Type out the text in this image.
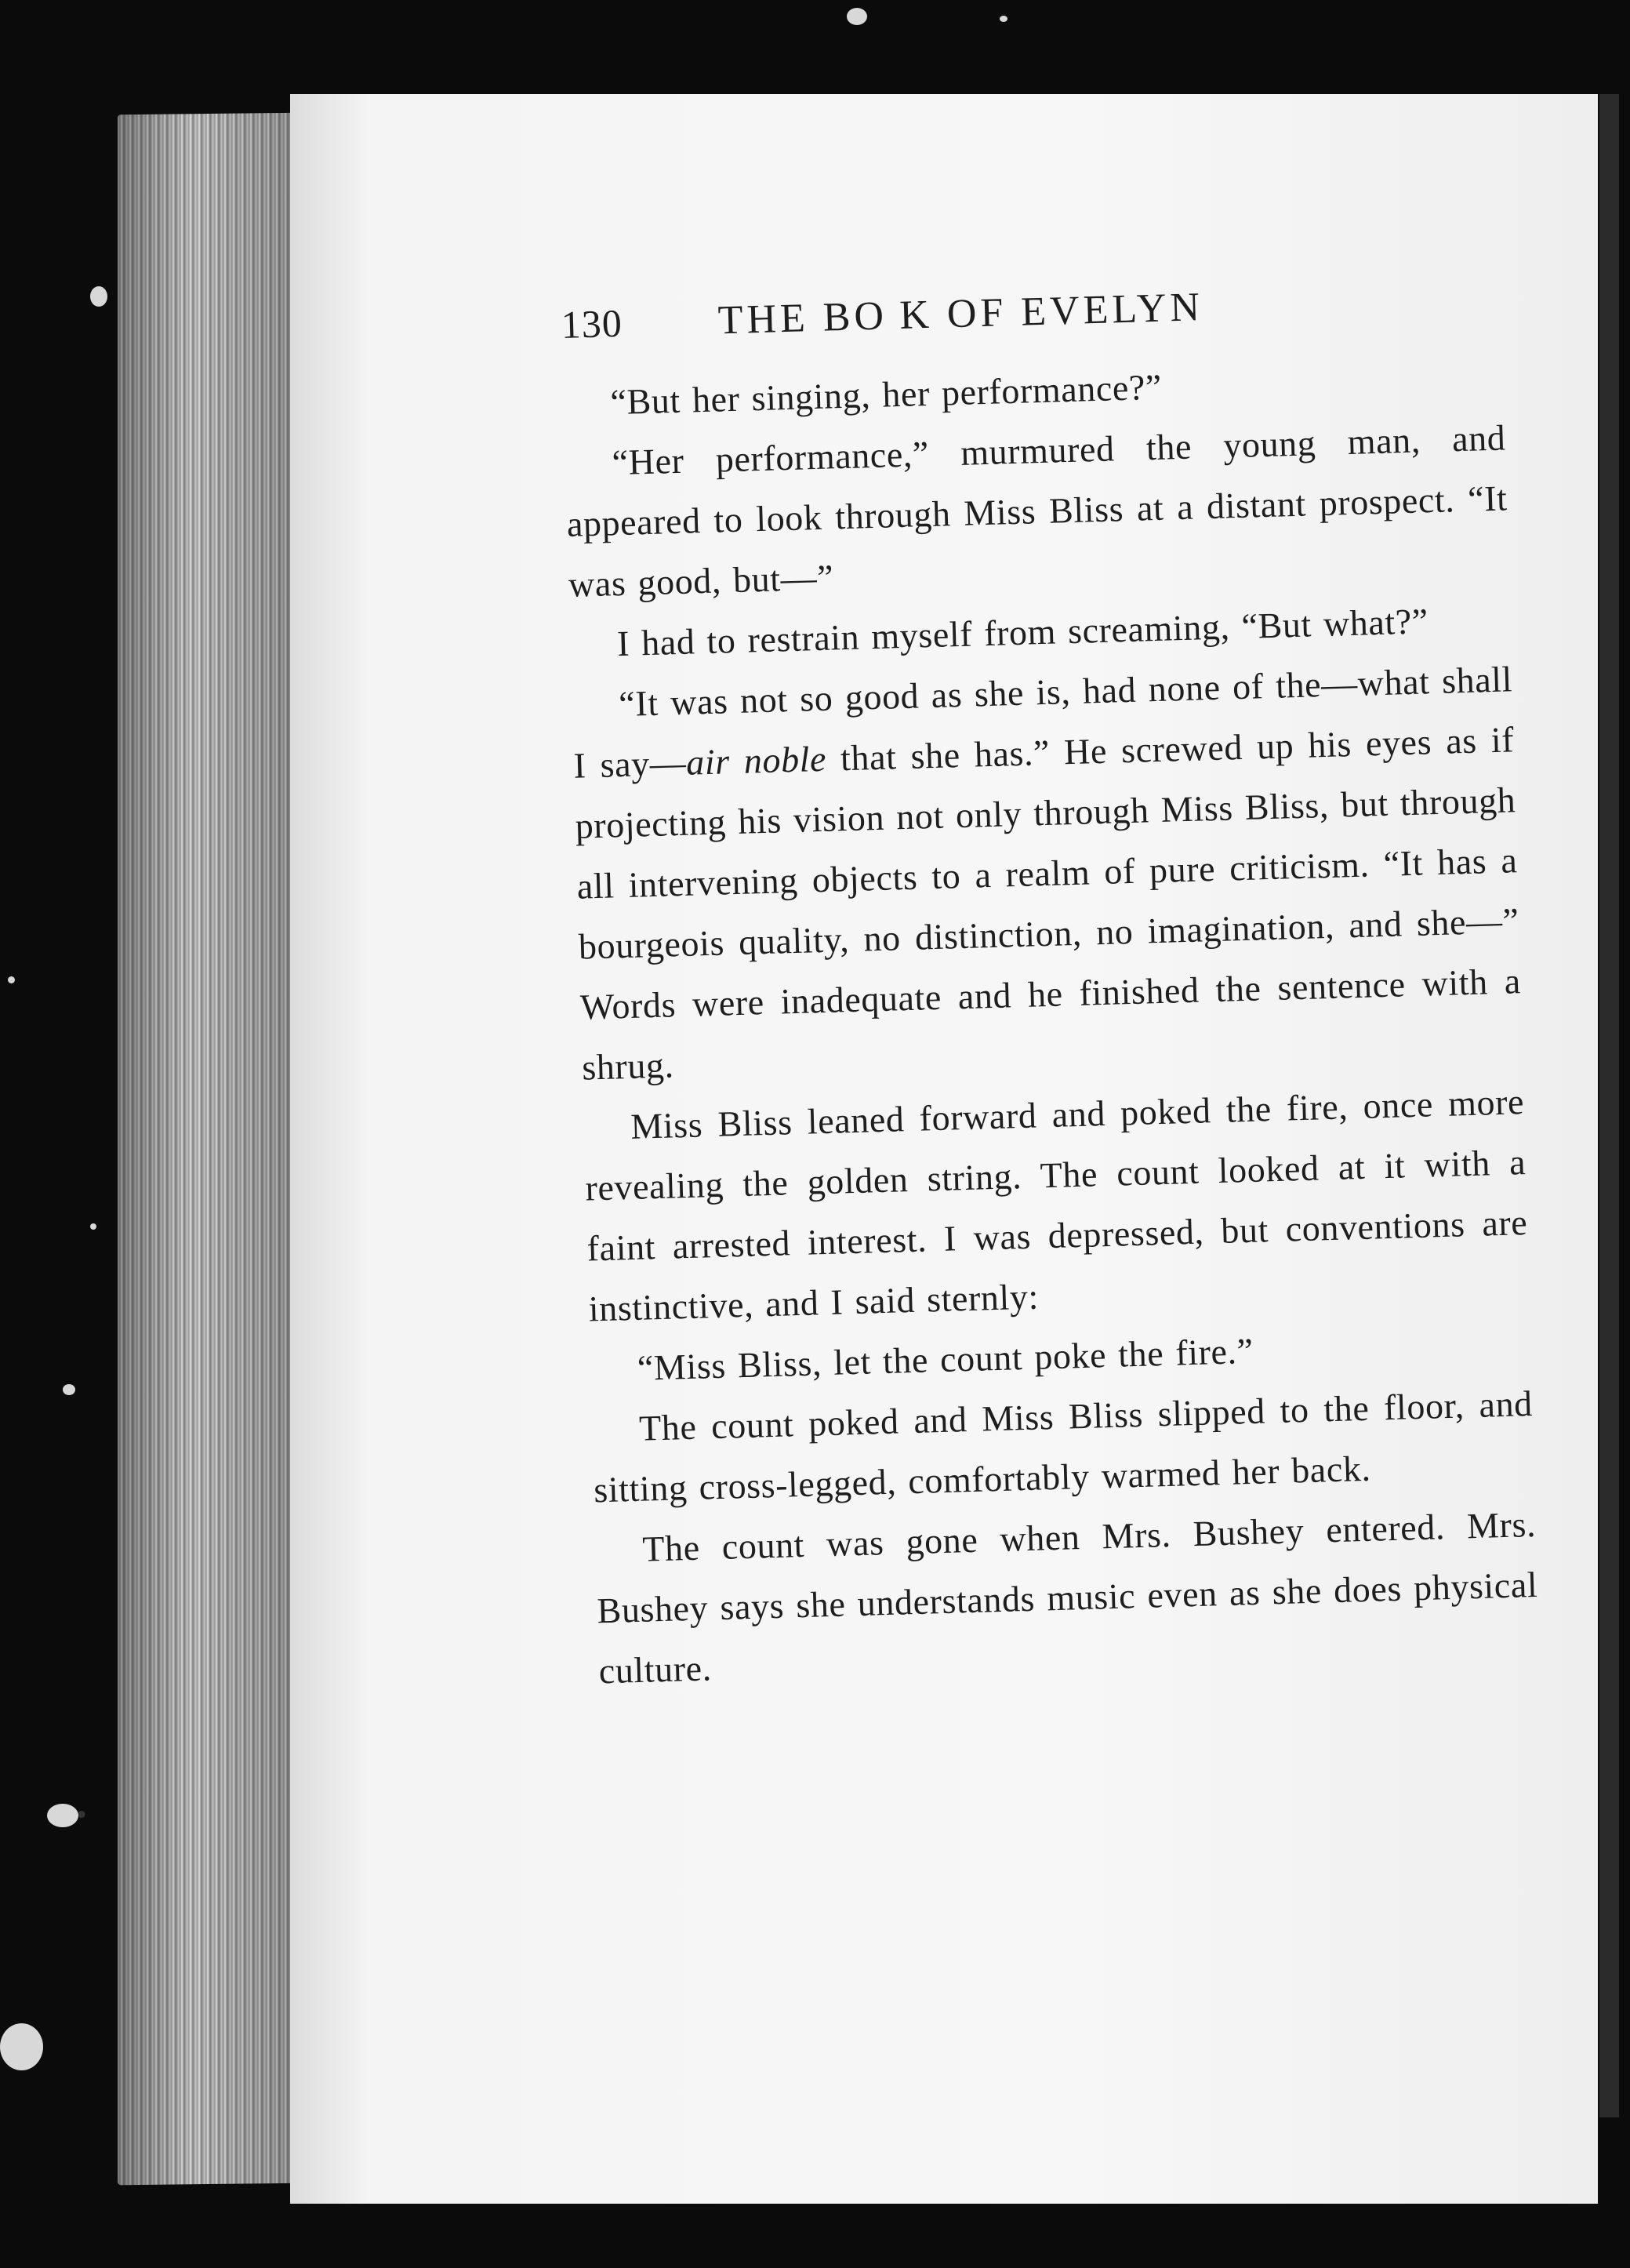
130	THE BO K OF EVELYN

“But her singing, her performance?”

“Her performance,” murmured the young man, and appeared to look through Miss Bliss at a distant prospect. “It was good, but—”

I had to restrain myself from screaming, “But what?”

“It was not so good as she is, had none of the—what shall I say—air noble that she has.” He screwed up his eyes as if projecting his vision not only through Miss Bliss, but through all intervening objects to a realm of pure criticism. “It has a bourgeois quality, no distinction, no imagination, and she—” Words were inadequate and he finished the sentence with a shrug.

Miss Bliss leaned forward and poked the fire, once more revealing the golden string. The count looked at it with a faint arrested interest. I was depressed, but conventions are instinctive, and I said sternly:

“Miss Bliss, let the count poke the fire.”

The count poked and Miss Bliss slipped to the floor, and sitting cross-legged, comfortably warmed her back.

The count was gone when Mrs. Bushey entered. Mrs. Bushey says she understands music even as she does physical culture.
